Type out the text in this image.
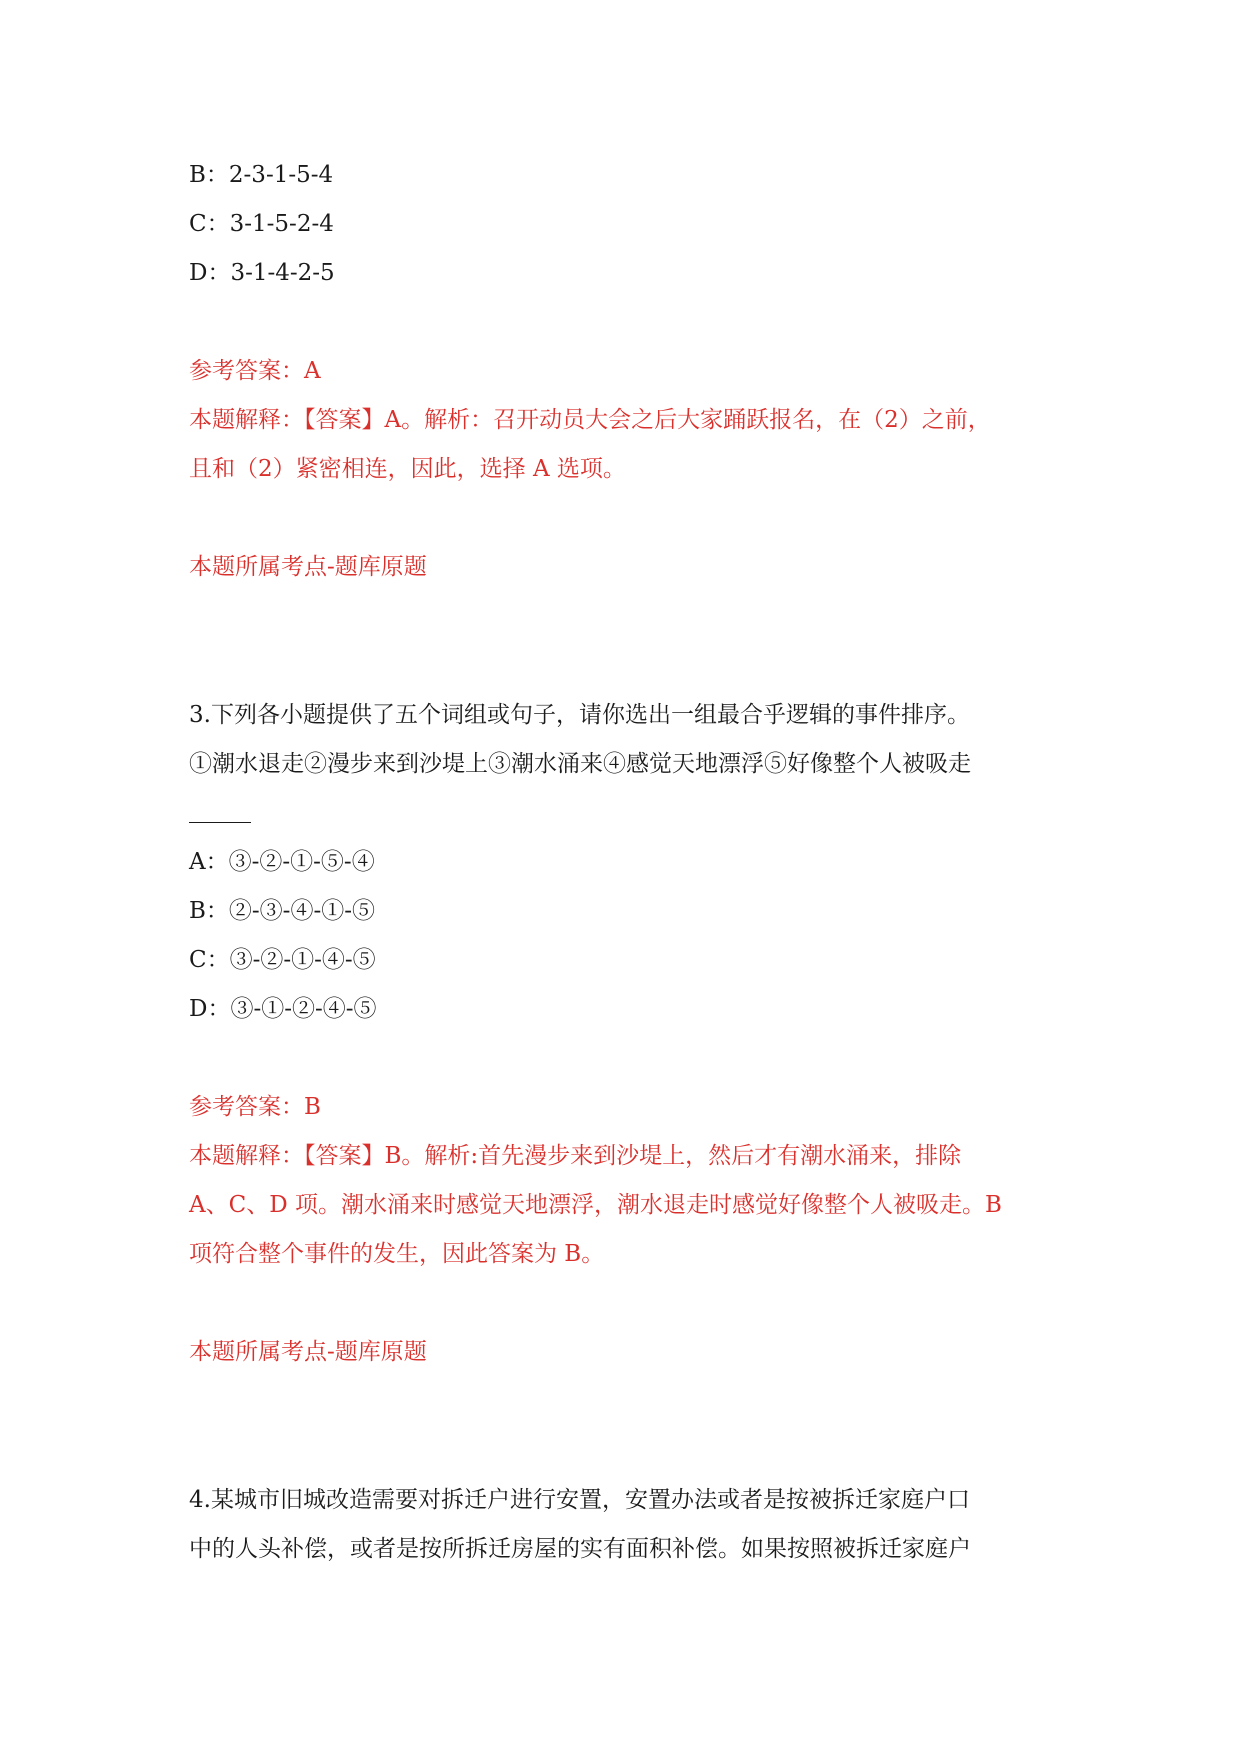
B：2-3-1-5-4
C：3-1-5-2-4
D：3-1-4-2-5
参考答案：A
本题解释：【答案】A。解析：召开动员大会之后大家踊跃报名，在（2）之前，
且和（2）紧密相连，因此，选择 A 选项。
本题所属考点-题库原题
3.下列各小题提供了五个词组或句子，请你选出一组最合乎逻辑的事件排序。
①潮水退走②漫步来到沙堤上③潮水涌来④感觉天地漂浮⑤好像整个人被吸走
A：③-②-①-⑤-④
B：②-③-④-①-⑤
C：③-②-①-④-⑤
D：③-①-②-④-⑤
参考答案：B
本题解释：【答案】B。解析:首先漫步来到沙堤上，然后才有潮水涌来，排除
A、C、D 项。潮水涌来时感觉天地漂浮，潮水退走时感觉好像整个人被吸走。B
项符合整个事件的发生，因此答案为 B。
本题所属考点-题库原题
4.某城市旧城改造需要对拆迁户进行安置，安置办法或者是按被拆迁家庭户口
中的人头补偿，或者是按所拆迁房屋的实有面积补偿。如果按照被拆迁家庭户
